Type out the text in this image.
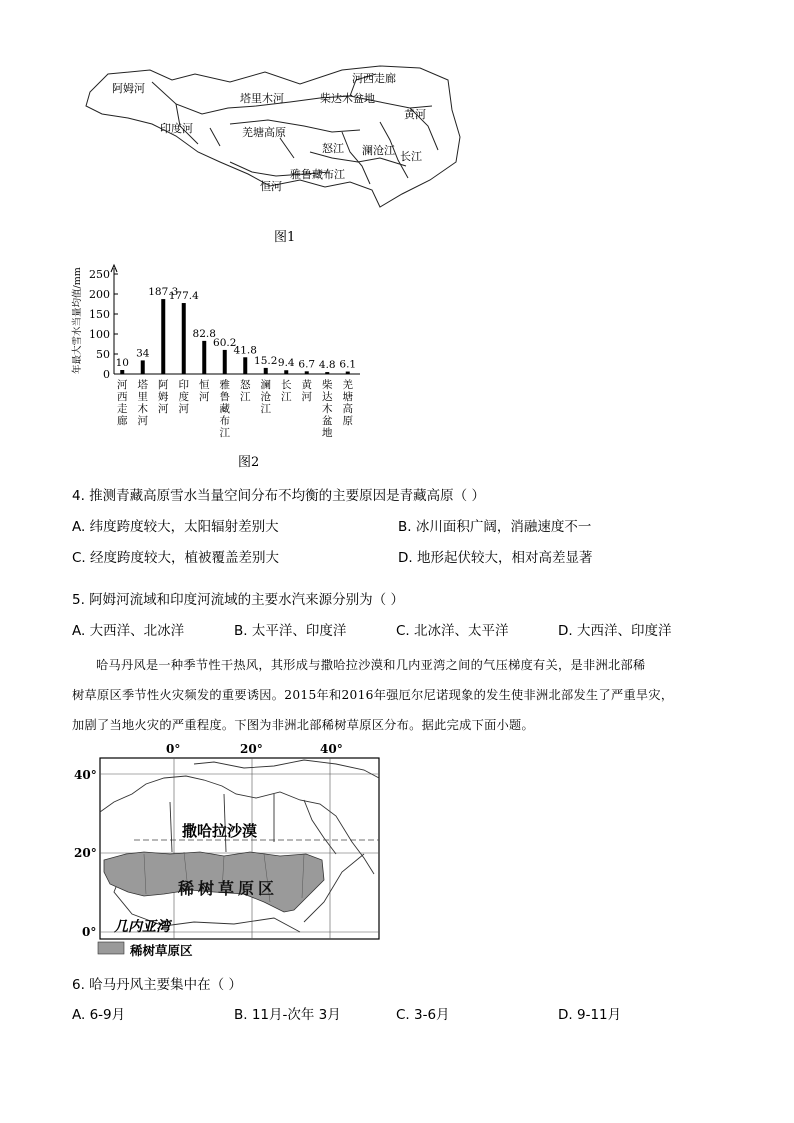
阿姆河
塔里木河	柴达木盆地
河西走廊
黄河
印度河	羌塘高原
怒江 澜沧江 长江
雅鲁藏布江
恒河
图1
0
50
100
150
200
250
年最大雪水当量均值/mm	10
河
西
走
廊
34
塔
里
木
河
187.3
阿
姆
河
177.4
印
度
河
82.8
恒
河
60.2
雅
鲁
藏
布
江
41.8
怒
江
15.2
澜
沧
江
9.4
长
江
6.7
黄
河
4.8
柴
达
木
盆
地
6.1
羌
塘
高
原
图2
4. 推测青藏高原雪水当量空间分布不均衡的主要原因是青藏高原（ ）
A. 纬度跨度较大，太阳辐射差别大	B. 冰川面积广阔，消融速度不一
C. 经度跨度较大，植被覆盖差别大	D. 地形起伏较大，相对高差显著
5. 阿姆河流域和印度河流域的主要水汽来源分别为（ ）
A. 大西洋、北冰洋	B. 太平洋、印度洋	C. 北冰洋、太平洋	D. 大西洋、印度洋
哈马丹风是一种季节性干热风，其形成与撒哈拉沙漠和几内亚湾之间的气压梯度有关，是非洲北部稀
树草原区季节性火灾频发的重要诱因。2015年和2016年强厄尔尼诺现象的发生使非洲北部发生了严重旱灾，
加剧了当地火灾的严重程度。下图为非洲北部稀树草原区分布。据此完成下面小题。
0°	20°	40°
40°
20°
0°
撒哈拉沙漠
稀树草原区
几内亚湾
稀树草原区
6. 哈马丹风主要集中在（ ）
A. 6-9月	B. 11月-次年 3月	C. 3-6月	D. 9-11月
